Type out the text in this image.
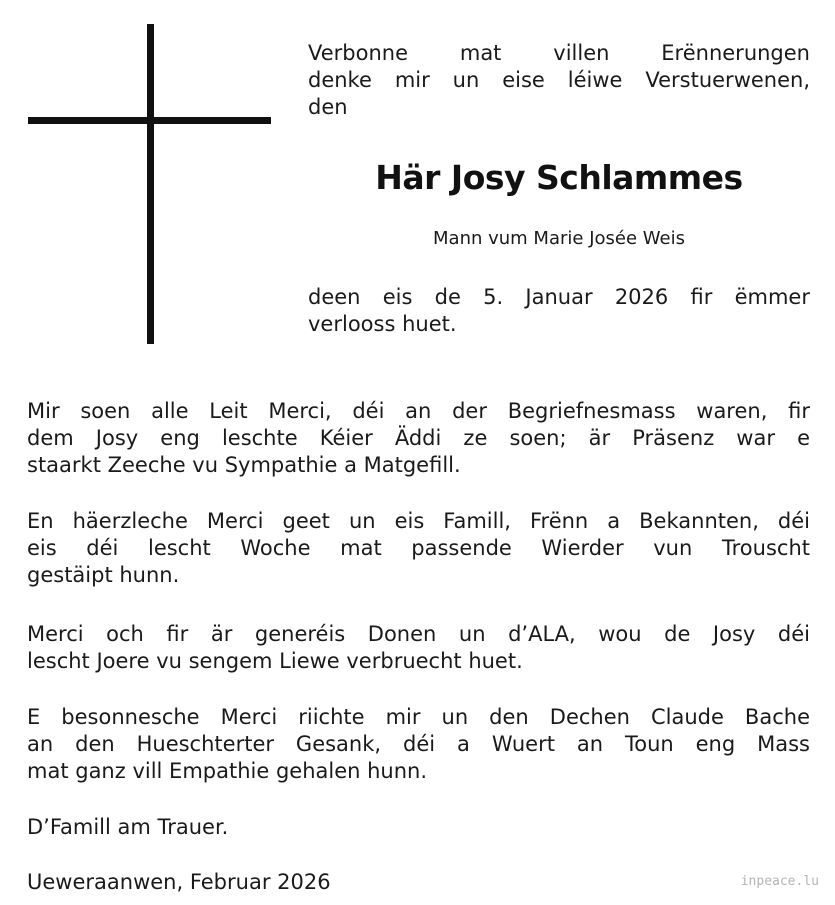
Verbonne mat villen Erënnerungen
denke mir un eise léiwe Verstuerwenen,
den

Här Josy Schlammes

Mann vum Marie Josée Weis

deen eis de 5. Januar 2026 fir ëmmer
verlooss huet.

Mir soen alle Leit Merci, déi an der Begriefnesmass waren, fir
dem Josy eng leschte Kéier Äddi ze soen; är Präsenz war e
staarkt Zeeche vu Sympathie a Matgefill.

En häerzleche Merci geet un eis Famill, Frënn a Bekannten, déi
eis déi lescht Woche mat passende Wierder vun Trouscht
gestäipt hunn.

Merci och fir är generéis Donen un d’ALA, wou de Josy déi
lescht Joere vu sengem Liewe verbruecht huet.

E besonnesche Merci riichte mir un den Dechen Claude Bache
an den Hueschterter Gesank, déi a Wuert an Toun eng Mass
mat ganz vill Empathie gehalen hunn.

D’Famill am Trauer.

Ueweraanwen, Februar 2026	inpeace.lu
